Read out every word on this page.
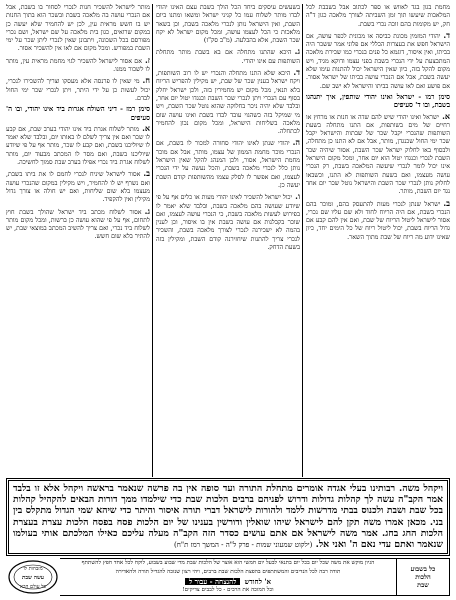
מחמת בגון בגד לאווש או ספר לכתוב אבל בשבבת לכל המלאכות שיעשו תוך זמן השביתה לצורך מלאכה כגון ד"ה חק, יש מקומות בהם זוכה נכרי בשבת.
ד.יהודי המזמין מכונת כביסה או מכונית לכפר עושה, אם הישראל חפש את בעצרות הכללי אם פלוני אמר ששכר היה בביתו, ואין איסור, דוגמא כל פנים בנכרי כמו שכירת מלאכה המתבצעת על ידי הנכרי בשבת בפני עצמו ודוקא מגיד, ויש מקום להקל בזה, כיון שאין הישראל יכול להתנות עימו שלא יעשה בשבת, אבל אם הנכרי עושה בביתו של ישראל אסור. אם פושע ואם לאו עושה בביתו והישראל לא ישב שם.
סימן רמו - ישראל ואינו יהודי שותפין, איך יתנהגו בשבת, ובו ד' סעיפים
א.ישראל ואינו יהודי שיש להם שדה או חנות או מרחץ או רחיים של מים בשותפות, אם התנו מתחלה בשעת השותפות שהנכרי יקבל שכר של שבתות והישראל יקבל שכר ימי החול שכנגדן, מותר, אבל אם לא התנו כן מתחלה, ולבסוף באו לחלוק ישראל שכר השבת, אסור שיהיה שכר השבת לנכרי וכנגדו יטול הוא יום אחר, ומכל מקום הישראל אינו יכול לומר לנכרי שיעשה המלאכה בשבת, רק הנכרי עושה מעצמו, ואם בשעת השותפות לא התנו, וכשבאו לחלוק נותן לנכרי שכר השבת והישראל נוטל שכר יום אחד נגד יום השבת, מותר.
ב.ישראל שנתן לנכרי מעות להתעסק בהם, ומוכר בהם הנכרי בשבת, אם היה הריוח לחוד ולא שם עליו שם נכרי, אסור לישראל ליטול הריוח של שבת, ואם אין להם קבע אם גדול הריוח בשבת, יכול ליטול ריוח של כל הימים יחד, כיון שאינו ידוע מה ריוח של שבת מתוך השאר.
בשעשים עיסקים ביחד הכל הולך בשבת עצם האינו יהודי לבדו מותר לשלוח עמו כל קניני ישראל ומשאו ומתנו ביום השבת, ואין הישראל נותן לנכרי מלאכה בשבת, וכן בשאר מלאכות כי הכל לעצמו עושה, ומכל מקום ישראל לא יקח שכר השבת, אלא בהבלעה. (מ"ב סק"ז)
ג.היכא שהתנו מתחלה אם בא בשבת מותר מתחלת השותפות עם אינו יהודי.
ד.היכא שלא התנו מתחלה והנכרי יש לו רוב השותפות, ויקח ישראל בענין שכר של שבת, יש מקילין להפריש הריוח בלא תנאי, מכל מקום יש מחמירין בזה, ולכן ישראל יחלק בסוף עם הנכרי ויתן לנכרי שכר השבת וכנגדו יטול יום אחר, ובלבד שלא יהיה ניכר בחלוקה שהוא נוטל שכר השבת, ויש מי שמיקל בזה כשהגוי עובד לבדו בשבת ואינו עושה שום מלאכה בשליחות הישראל, ומכל מקום נכון להחמיר לכתחלה.
ה.יהודי שנתן לאינו יהודי סחורה למכור לו בשבת, אם הנכרי מוכר מחמת הממון של עצמו, מותר, אבל אם מוכר מחמת הישראל, אסור, ולכן המנהג להקל שאין הישראל נותן כלל לנכרי מלאכה בשבת, והכל נעשה על ידי הנכרי לעצמו, ואם אפשר לו לסלק עצמו מהשותפות קודם השבת יעשה כן.
ו.יכול ישראל להשכיר לאינו יהודי מעות או כלים אף על פי שיודע שעושה בהם מלאכה בשבת, ובלבד שלא יאמר לו בפירוש לעשות מלאכה בשבת, כי הנכרי עושה לעצמו, ואם שוכר בקבלנות אם עושה בשבת אין בו איסור, וכן לענין בהמה לא ישכירנה לנכרי לצורך מלאכה בשבת, והשכיר לנכרי צריך להתנות שיחזירנה קודם השבת, ומקילין בזה בשעת הדחק.
מותר לישראל להשכיר חנות לנכרי לסחור בו בשבת, אבל אם הנכרי עושה בה מלאכה בשבת ובשכר הוא בתוך החנות יש בו חשש מראית עין, לכן יש להחמיר שלא יעשה כן במקום שרואים, כגון בית מלאכה על שם ישראל, ושם נכרי מפורסם בכל השכונה, ויתבונן שאין לנכרי ליתן שכר על ימי השבת במפורש. ומכל מקום אם לאו אין להשכיר אסור.
ז.אם אסור לישראל להשכיר לגוי מחמת מראית עין, מותר לו לשכור ממנו.
ח.מי שאין לו פרנסה אלא מעסקו וצריך להשכירו לנכרי, יכול לעשות כן על ידי היתר, ויתן לנכרי שכר ימי החול לבדם.
סימן רמז - דיני השולח אגרות ביד אינו יהודי, ובו ה' סעיפים
א.מותר לשלוח אגרת ביד אינו יהודי בערב שבת, אם קבע לו שכר ואם אין צריך לשלם לו באותו יום, ובלבד שלא יאמר לו שיוליכנו בשבת, ואם קבע לו שכר, מותר אף על פי שיודע שיוליכנו בשבת, ואם מסר לו המכתב מבעוד יום, מותר לשלוח אגרת ביד נכרי אפילו בערב שבת סמוך לחשיכה.
ב.אסור לישראל שיניח לנכרי לחמם לו את ביתו בשבת, ואם נשרף יש לו להחמיר, ויש מקילין במקום שהנכרי עושה מעצמו בלא שום שליחות, ואם יש חולה או צורך גדול מקילין ואין להקפיד.
ג.אסור לשלוח מכתב ביד ישראל שהולך בשבת חוץ לתחום, אף על פי שהוא עושה כן ברשות, ומכל מקום מותר לשלוח ביד נכרי, ואם צריך להשיב המכתב במוצאי שבת, יש להתיר בלא שום חשש.
ויקהל משה. רבותינו בעלי אגדה אומרים מתחלת התורה ועד סופה אין בה פרשה שנאמר בראשה ויקהל אלא זו בלבד אמר הקב"ה עשה לך קהלות גדולות ודרוש לפניהם ברבים הלכות שבת כדי שילמדו ממך דורות הבאים להקהיל קהלות בכל שבת ושבת ולכנוס בבתי מדרשות ללמד ולהורות לישראל דברי תורה איסור והיתר כדי שיהא שמי הגדול מתקלס בין בני. מכאן אמרו משה תקן להם לישראל שיהו שואלין ודורשין בענינו של יום הלכות פסח בפסח הלכות עצרת בעצרת הלכות החג בחג. אמר משה לישראל אם אתם עושים כסדר הזה הקב"ה מעלה עליכם כאילו המלכתם אותי בעולמו שנאמר ואתם עדי נאם ה' ואני אל. (ילקוט שמעוני שמות - פרק ל"ה - המשך רמז ת"ח)
כל בשבוע
הלכות
שבת
הגיון מוקש את משה שכל יום בכל יום בתנאי לבעל יום חמשי הוא אוצר של הלכות שבת מדי שבוע בשבוע, לוקח לכל אחד חפץ להשתתף
תודה רבה לכל הנדיבים והמשתתפים בהפצת הלכות שבת ברבים, ויהי רצון שנזכה להגדיל תורה ולהאדירה
א' לחודש
להנצחה - עבור ל
וכל המזכה את הרבים - כל לבבים צדיקים!
מזבחות לו
עשה שבת
כל עולם הבא
